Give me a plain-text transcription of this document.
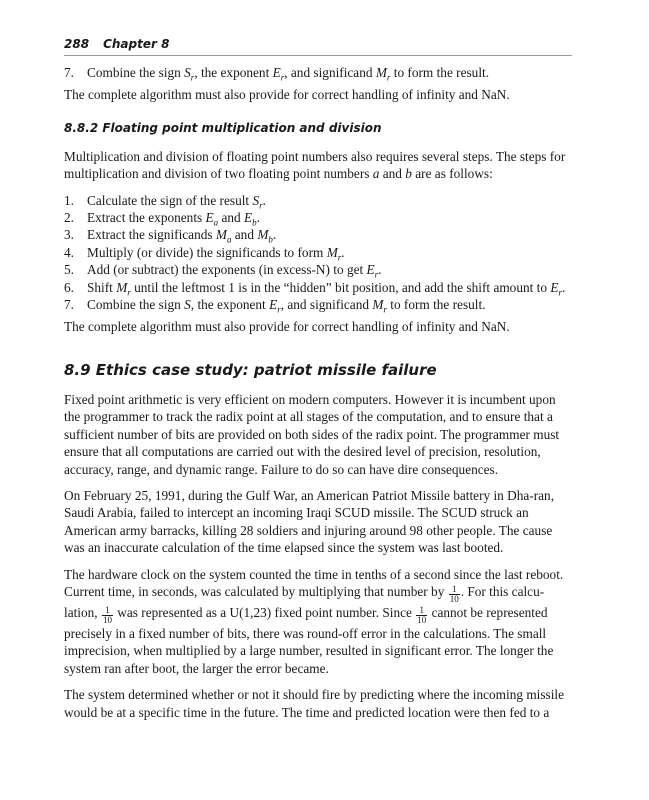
288 Chapter 8
7. Combine the sign $S_r$, the exponent $E_r$, and significand $M_r$ to form the result.

The complete algorithm must also provide for correct handling of infinity and NaN.

8.8.2 Floating point multiplication and division

Multiplication and division of floating point numbers also requires several steps. The steps for multiplication and division of two floating point numbers a and b are as follows:

1. Calculate the sign of the result $S_r$.
2. Extract the exponents $E_a$ and $E_b$.
3. Extract the significands $M_a$ and $M_b$.
4. Multiply (or divide) the significands to form $M_r$.
5. Add (or subtract) the exponents (in excess-N) to get $E_r$.
6. Shift $M_r$ until the leftmost 1 is in the “hidden” bit position, and add the shift amount to $E_r$.
7. Combine the sign S, the exponent $E_r$, and significand $M_r$ to form the result.

The complete algorithm must also provide for correct handling of infinity and NaN.

8.9 Ethics case study: patriot missile failure

Fixed point arithmetic is very efficient on modern computers. However it is incumbent upon the programmer to track the radix point at all stages of the computation, and to ensure that a sufficient number of bits are provided on both sides of the radix point. The programmer must ensure that all computations are carried out with the desired level of precision, resolution, accuracy, range, and dynamic range. Failure to do so can have dire consequences.

On February 25, 1991, during the Gulf War, an American Patriot Missile battery in Dha-ran, Saudi Arabia, failed to intercept an incoming Iraqi SCUD missile. The SCUD struck an American army barracks, killing 28 soldiers and injuring around 98 other people. The cause was an inaccurate calculation of the time elapsed since the system was last booted.

The hardware clock on the system counted the time in tenths of a second since the last reboot. Current time, in seconds, was calculated by multiplying that number by $\frac{1}{10}$ . For this calcu-lation, $\frac{1}{10}$ was represented as a U(1,23) fixed point number. Since $\frac{1}{10}$ cannot be represented precisely in a fixed number of bits, there was round-off error in the calculations. The small imprecision, when multiplied by a large number, resulted in significant error. The longer the system ran after boot, the larger the error became.

The system determined whether or not it should fire by predicting where the incoming missile would be at a specific time in the future. The time and predicted location were then fed to a
